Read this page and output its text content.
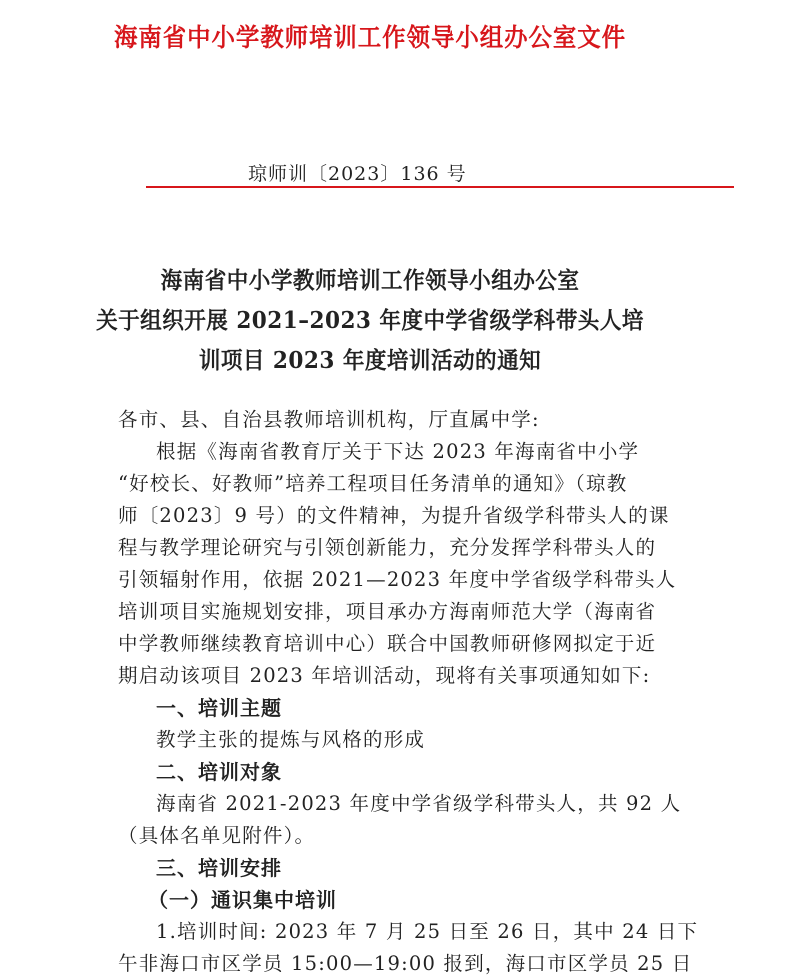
海南省中小学教师培训工作领导小组办公室文件
琼师训〔2023〕136 号
海南省中小学教师培训工作领导小组办公室
关于组织开展 2021–2023 年度中学省级学科带头人培
训项目 2023 年度培训活动的通知
各市、县、自治县教师培训机构，厅直属中学:
根据《海南省教育厅关于下达 2023 年海南省中小学
“好校长、好教师”培养工程项目任务清单的通知》（琼教
师〔2023〕9 号）的文件精神，为提升省级学科带头人的课
程与教学理论研究与引领创新能力，充分发挥学科带头人的
引领辐射作用，依据 2021—2023 年度中学省级学科带头人
培训项目实施规划安排，项目承办方海南师范大学（海南省
中学教师继续教育培训中心）联合中国教师研修网拟定于近
期启动该项目 2023 年培训活动，现将有关事项通知如下:
一、培训主题
教学主张的提炼与风格的形成
二、培训对象
海南省 2021-2023 年度中学省级学科带头人，共 92 人
（具体名单见附件）。
三、培训安排
（一）通识集中培训
1.培训时间: 2023 年 7 月 25 日至 26 日，其中 24 日下
午非海口市区学员 15:00—19:00 报到，海口市区学员 25 日
